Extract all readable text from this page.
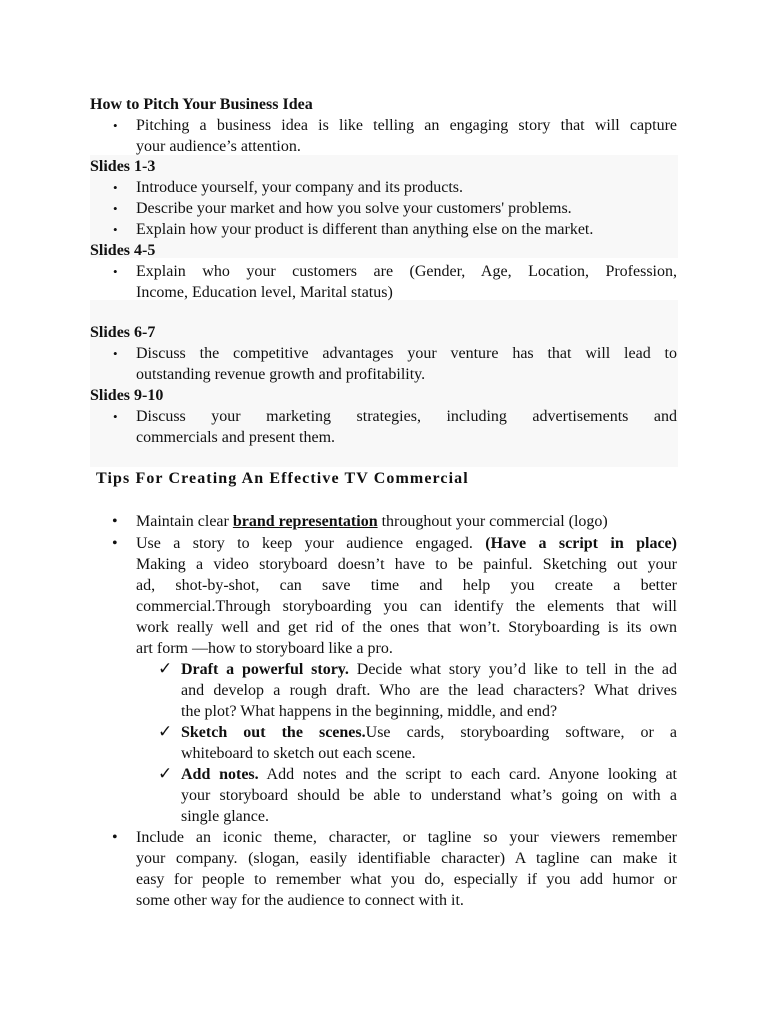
How to Pitch Your Business Idea
• Pitching a business idea is like telling an engaging story that will capture
your audience’s attention.
Slides 1-3
• Introduce yourself, your company and its products.
• Describe your market and how you solve your customers' problems.
• Explain how your product is different than anything else on the market.
Slides 4-5
• Explain who your customers are (Gender, Age, Location, Profession,
Income, Education level, Marital status)
Slides 6-7
• Discuss the competitive advantages your venture has that will lead to
outstanding revenue growth and profitability.
Slides 9-10
• Discuss your marketing strategies, including advertisements and
commercials and present them.
Tips For Creating An Effective TV Commercial
• Maintain clear brand representation throughout your commercial (logo)
• Use a story to keep your audience engaged. (Have a script in place)
Making a video storyboard doesn’t have to be painful. Sketching out your
ad, shot-by-shot, can save time and help you create a better
commercial.Through storyboarding you can identify the elements that will
work really well and get rid of the ones that won’t. Storyboarding is its own
art form —how to storyboard like a pro.
✓ Draft a powerful story. Decide what story you’d like to tell in the ad
and develop a rough draft. Who are the lead characters? What drives
the plot? What happens in the beginning, middle, and end?
✓ Sketch out the scenes.Use cards, storyboarding software, or a
whiteboard to sketch out each scene.
✓ Add notes. Add notes and the script to each card. Anyone looking at
your storyboard should be able to understand what’s going on with a
single glance.
• Include an iconic theme, character, or tagline so your viewers remember
your company. (slogan, easily identifiable character) A tagline can make it
easy for people to remember what you do, especially if you add humor or
some other way for the audience to connect with it.
